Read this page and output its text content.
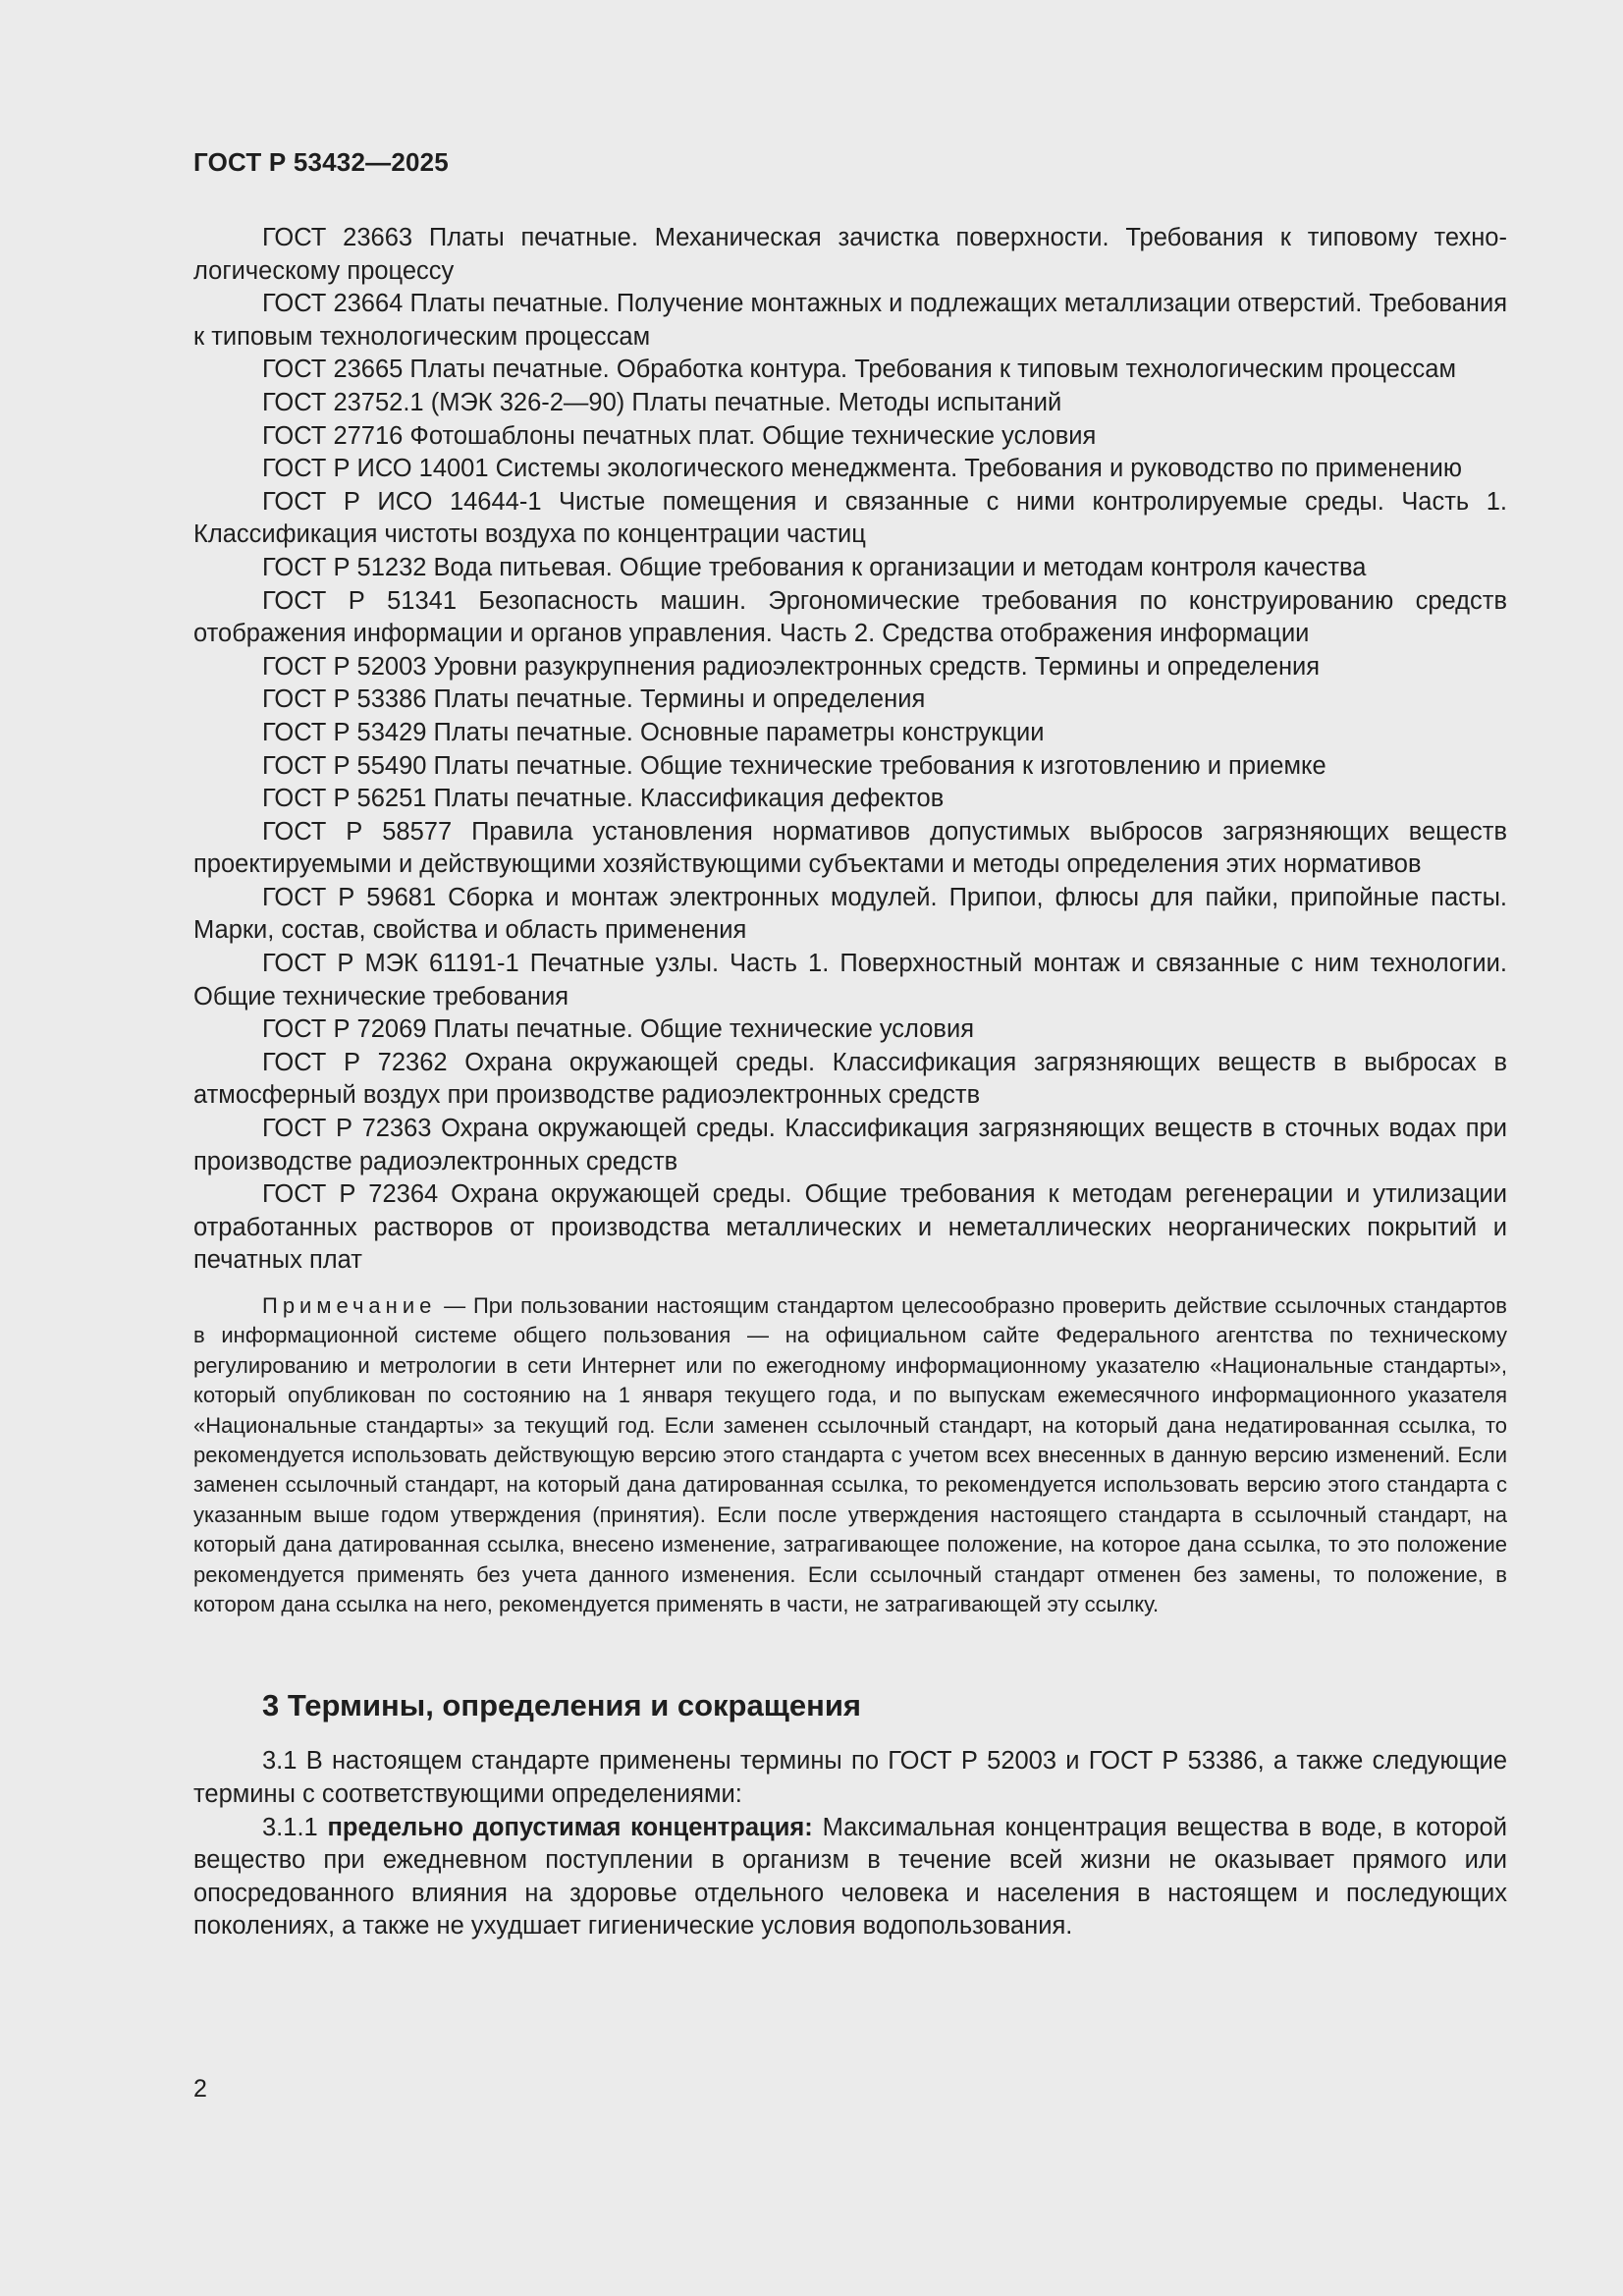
ГОСТ Р 53432—2025

ГОСТ 23663 Платы печатные. Механическая зачистка поверхности. Требования к типовому технологическому процессу

ГОСТ 23664 Платы печатные. Получение монтажных и подлежащих металлизации отверстий. Требования к типовым технологическим процессам

ГОСТ 23665 Платы печатные. Обработка контура. Требования к типовым технологическим процессам

ГОСТ 23752.1 (МЭК 326-2—90) Платы печатные. Методы испытаний

ГОСТ 27716 Фотошаблоны печатных плат. Общие технические условия

ГОСТ Р ИСО 14001 Системы экологического менеджмента. Требования и руководство по применению

ГОСТ Р ИСО 14644-1 Чистые помещения и связанные с ними контролируемые среды. Часть 1. Классификация чистоты воздуха по концентрации частиц

ГОСТ Р 51232 Вода питьевая. Общие требования к организации и методам контроля качества

ГОСТ Р 51341 Безопасность машин. Эргономические требования по конструированию средств отображения информации и органов управления. Часть 2. Средства отображения информации

ГОСТ Р 52003 Уровни разукрупнения радиоэлектронных средств. Термины и определения

ГОСТ Р 53386 Платы печатные. Термины и определения

ГОСТ Р 53429 Платы печатные. Основные параметры конструкции

ГОСТ Р 55490 Платы печатные. Общие технические требования к изготовлению и приемке

ГОСТ Р 56251 Платы печатные. Классификация дефектов

ГОСТ Р 58577 Правила установления нормативов допустимых выбросов загрязняющих веществ проектируемыми и действующими хозяйствующими субъектами и методы определения этих нормативов

ГОСТ Р 59681 Сборка и монтаж электронных модулей. Припои, флюсы для пайки, припойные пасты. Марки, состав, свойства и область применения

ГОСТ Р МЭК 61191-1 Печатные узлы. Часть 1. Поверхностный монтаж и связанные с ним технологии. Общие технические требования

ГОСТ Р 72069 Платы печатные. Общие технические условия

ГОСТ Р 72362 Охрана окружающей среды. Классификация загрязняющих веществ в выбросах в атмосферный воздух при производстве радиоэлектронных средств

ГОСТ Р 72363 Охрана окружающей среды. Классификация загрязняющих веществ в сточных водах при производстве радиоэлектронных средств

ГОСТ Р 72364 Охрана окружающей среды. Общие требования к методам регенерации и утилизации отработанных растворов от производства металлических и неметаллических неорганических покрытий и печатных плат

Примечание — При пользовании настоящим стандартом целесообразно проверить действие ссылочных стандартов в информационной системе общего пользования — на официальном сайте Федерального агентства по техническому регулированию и метрологии в сети Интернет или по ежегодному информационному указателю «Национальные стандарты», который опубликован по состоянию на 1 января текущего года, и по выпускам ежемесячного информационного указателя «Национальные стандарты» за текущий год. Если заменен ссылочный стандарт, на который дана недатированная ссылка, то рекомендуется использовать действующую версию этого стандарта с учетом всех внесенных в данную версию изменений. Если заменен ссылочный стандарт, на который дана датированная ссылка, то рекомендуется использовать версию этого стандарта с указанным выше годом утверждения (принятия). Если после утверждения настоящего стандарта в ссылочный стандарт, на который дана датированная ссылка, внесено изменение, затрагивающее положение, на которое дана ссылка, то это положение рекомендуется применять без учета данного изменения. Если ссылочный стандарт отменен без замены, то положение, в котором дана ссылка на него, рекомендуется применять в части, не затрагивающей эту ссылку.

3 Термины, определения и сокращения

3.1 В настоящем стандарте применены термины по ГОСТ Р 52003 и ГОСТ Р 53386, а также следующие термины с соответствующими определениями:

3.1.1 предельно допустимая концентрация: Максимальная концентрация вещества в воде, в которой вещество при ежедневном поступлении в организм в течение всей жизни не оказывает прямого или опосредованного влияния на здоровье отдельного человека и населения в настоящем и последующих поколениях, а также не ухудшает гигиенические условия водопользования.

2
